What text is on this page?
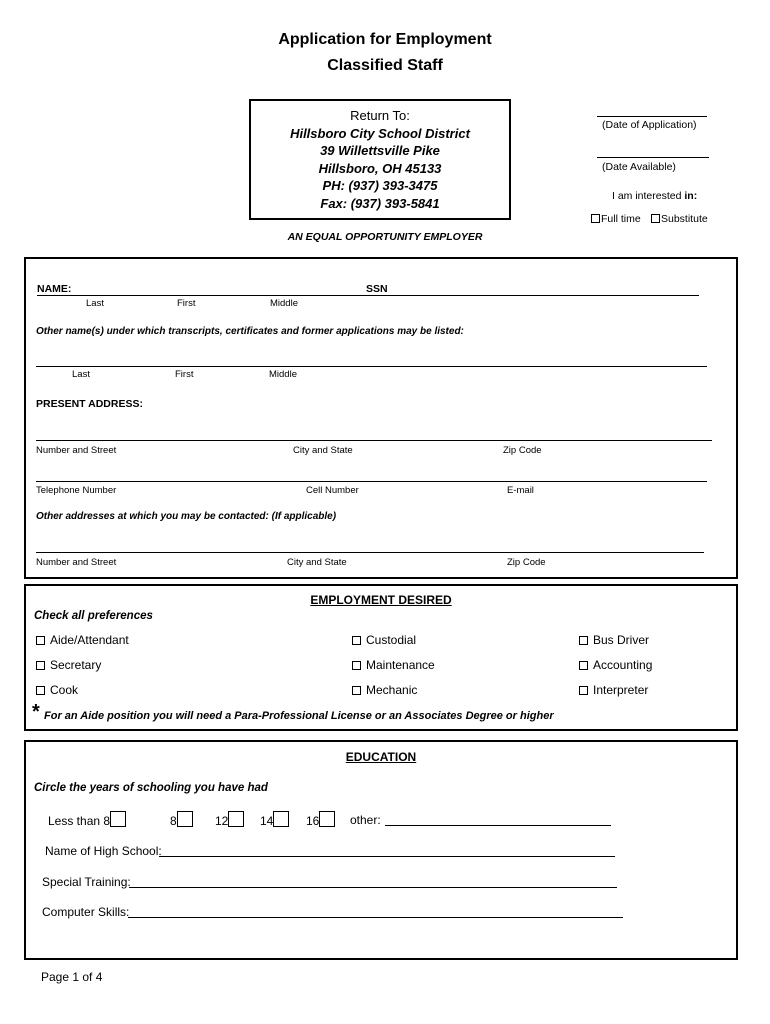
Application for Employment
Classified Staff
Return To:
Hillsboro City School District
39 Willettsville Pike
Hillsboro, OH 45133
PH: (937) 393-3475
Fax: (937) 393-5841
(Date of Application)
(Date Available)
I am interested in:
Full time	Substitute
AN EQUAL OPPORTUNITY EMPLOYER
NAME:	SSN
Last	First	Middle
Other name(s) under which transcripts, certificates and former applications may be listed:
Last	First	Middle
PRESENT ADDRESS:
Number and Street	City and State	Zip Code
Telephone Number	Cell Number	E-mail
Other addresses at which you may be contacted: (If applicable)
Number and Street	City and State	Zip Code
EMPLOYMENT DESIRED
Check all preferences
Aide/Attendant	Custodial	Bus Driver
Secretary	Maintenance	Accounting
Cook	Mechanic	Interpreter
* For an Aide position you will need a Para-Professional License or an Associates Degree or higher
EDUCATION
Circle the years of schooling you have had
Less than 8	8	12	14	16	other:
Name of High School:
Special Training:
Computer Skills:
Page 1 of 4
